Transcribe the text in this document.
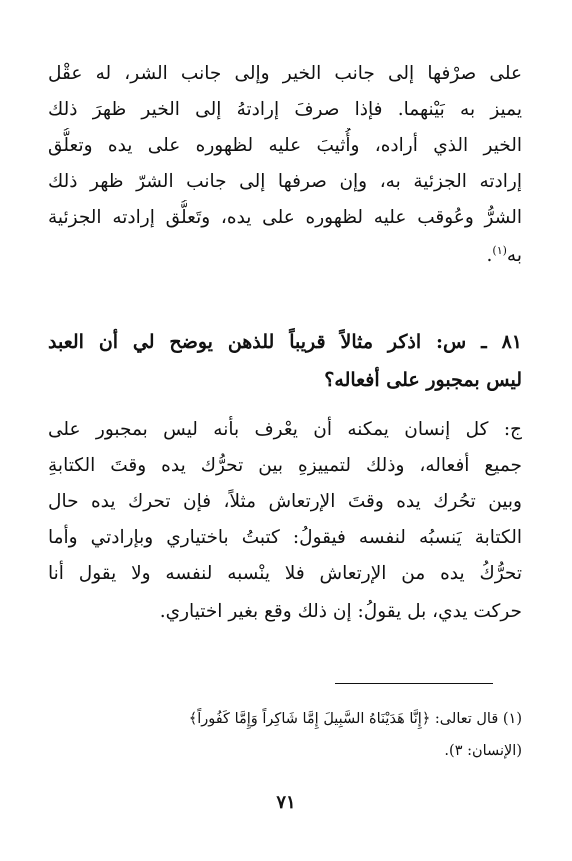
على صرْفها إلى جانب الخير وإلى جانب الشر، له عقْل
يميز به بَيْنهما. فإذا صرفَ إرادتهُ إلى الخير ظهرَ ذلك
الخير الذي أراده، وأُثيبَ عليه لظهوره على يده وتعلُّق
إرادته الجزئية به، وإن صرفها إلى جانب الشرّ ظهر ذلك
الشرُّ وعُوقب عليه لظهوره على يده، وتَعلُّق إرادته الجزئية
به$^{(١)}$.
٨١ ـ س: اذكر مثالاً قريباً للذهن يوضح لي أن العبد
ليس بمجبور على أفعاله؟
ج: كل إنسان يمكنه أن يعْرف بأنه ليس بمجبور على
جميع أفعاله، وذلك لتمييزهِ بين تحرُّك يده وقتَ الكتابةِ
وبين تحُرك يده وقتَ الإرتعاش مثلاً، فإن تحرك يده حال
الكتابة يَنسبُه لنفسه فيقولُ: كتبتُ باختياري وبإرادتي وأما
تحرُّكُ يده من الإرتعاش فلا ينْسبه لنفسه ولا يقول أنا
حركت يدي، بل يقولُ: إن ذلك وقع بغير اختياري.
(١) قال تعالى: ﴿إِنَّا هَدَيْنَاهُ السَّبِيلَ إِمَّا شَاكِراً وَإِمَّا كَفُوراً﴾
(الإنسان: ٣).
٧١
